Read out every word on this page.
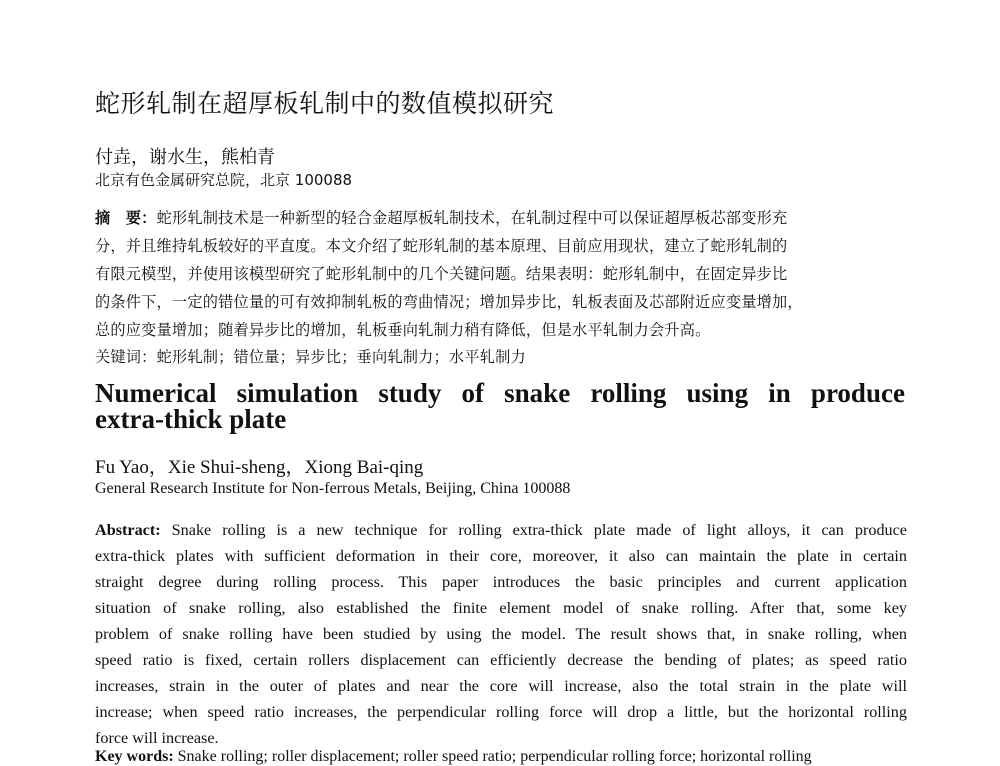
蛇形轧制在超厚板轧制中的数值模拟研究
付垚，谢水生，熊柏青
北京有色金属研究总院，北京 100088
摘　要：蛇形轧制技术是一种新型的轻合金超厚板轧制技术，在轧制过程中可以保证超厚板芯部变形充
分，并且维持轧板较好的平直度。本文介绍了蛇形轧制的基本原理、目前应用现状，建立了蛇形轧制的
有限元模型，并使用该模型研究了蛇形轧制中的几个关键问题。结果表明：蛇形轧制中，在固定异步比
的条件下，一定的错位量的可有效抑制轧板的弯曲情况；增加异步比，轧板表面及芯部附近应变量增加，
总的应变量增加；随着异步比的增加，轧板垂向轧制力稍有降低，但是水平轧制力会升高。
关键词：蛇形轧制；错位量；异步比；垂向轧制力；水平轧制力
Numerical simulation study of snake rolling using in produce
extra-thick plate
Fu Yao，Xie Shui-sheng，Xiong Bai-qing
General Research Institute for Non-ferrous Metals, Beijing, China 100088
Abstract: Snake rolling is a new technique for rolling extra-thick plate made of light alloys, it can produce
extra-thick plates with sufficient deformation in their core, moreover, it also can maintain the plate in certain
straight degree during rolling process. This paper introduces the basic principles and current application
situation of snake rolling, also established the finite element model of snake rolling. After that, some key
problem of snake rolling have been studied by using the model. The result shows that, in snake rolling, when
speed ratio is fixed, certain rollers displacement can efficiently decrease the bending of plates; as speed ratio
increases, strain in the outer of plates and near the core will increase, also the total strain in the plate will
increase; when speed ratio increases, the perpendicular rolling force will drop a little, but the horizontal rolling
force will increase.
Key words: Snake rolling; roller displacement; roller speed ratio; perpendicular rolling force; horizontal rolling
